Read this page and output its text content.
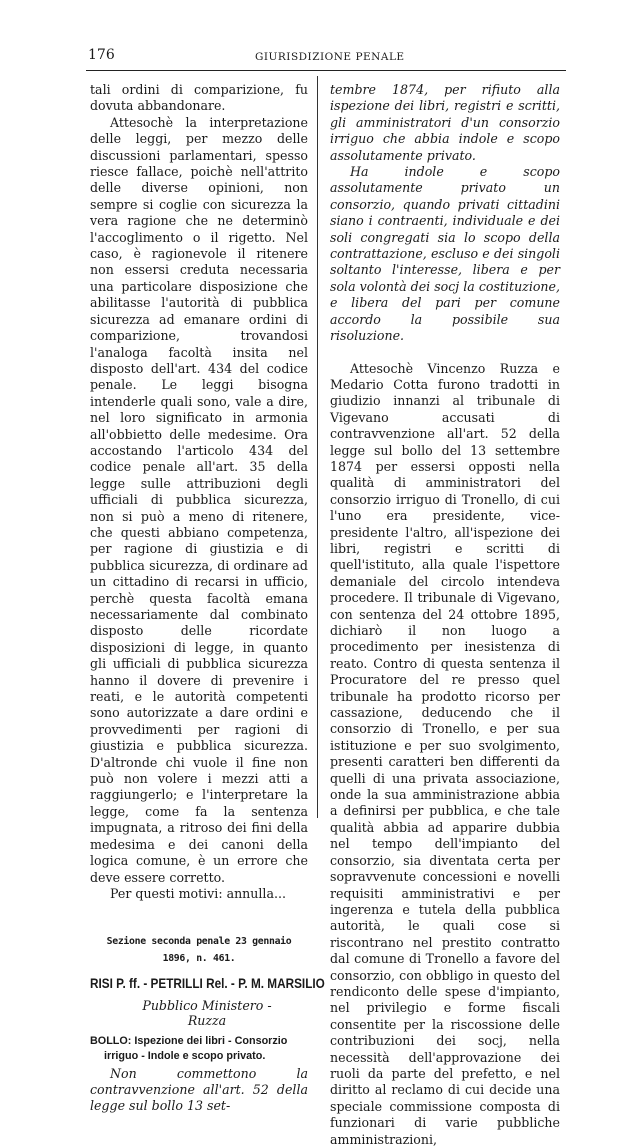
176	GIURISDIZIONE PENALE

tali ordini di comparizione, fu dovuta abbandonare.

Attesochè la interpretazione delle leggi, per mezzo delle discussioni parlamentari, spesso riesce fallace, poichè nell'attrito delle diverse opinioni, non sempre si coglie con sicurezza la vera ragione che ne determinò l'accoglimento o il rigetto. Nel caso, è ragionevole il ritenere non essersi creduta necessaria una particolare disposizione che abilitasse l'autorità di pubblica sicurezza ad emanare ordini di comparizione, trovandosi l'analoga facoltà insita nel disposto dell'art. 434 del codice penale. Le leggi bisogna intenderle quali sono, vale a dire, nel loro significato in armonia all'obbietto delle medesime. Ora accostando l'articolo 434 del codice penale all'art. 35 della legge sulle attribuzioni degli ufficiali di pubblica sicurezza, non si può a meno di ritenere, che questi abbiano competenza, per ragione di giustizia e di pubblica sicurezza, di ordinare ad un cittadino di recarsi in ufficio, perchè questa facoltà emana necessariamente dal combinato disposto delle ricordate disposizioni di legge, in quanto gli ufficiali di pubblica sicurezza hanno il dovere di prevenire i reati, e le autorità competenti sono autorizzate a dare ordini e provvedimenti per ragioni di giustizia e pubblica sicurezza. D'altronde chi vuole il fine non può non volere i mezzi atti a raggiungerlo; e l'interpretare la legge, come fa la sentenza impugnata, a ritroso dei fini della medesima e dei canoni della logica comune, è un errore che deve essere corretto.

Per questi motivi: annulla...

Sezione seconda penale 23 gennaio 1896, n. 461.

RISI P. ff. - PETRILLI Rel. - P. M. MARSILIO

Pubblico Ministero -
Ruzza

BOLLO: Ispezione dei libri - Consorzio irriguo - Indole e scopo privato.

Non commettono la contravvenzione all'art. 52 della legge sul bollo 13 set-

tembre 1874, per rifiuto alla ispezione dei libri, registri e scritti, gli amministratori d'un consorzio irriguo che abbia indole e scopo assolutamente privato.

Ha indole e scopo assolutamente privato un consorzio, quando privati cittadini siano i contraenti, individuale e dei soli congregati sia lo scopo della contrattazione, escluso e dei singoli soltanto l'interesse, libera e per sola volontà dei socj la costituzione, e libera del pari per comune accordo la possibile sua risoluzione.

Attesochè Vincenzo Ruzza e Medario Cotta furono tradotti in giudizio innanzi al tribunale di Vigevano accusati di contravvenzione all'art. 52 della legge sul bollo del 13 settembre 1874 per essersi opposti nella qualità di amministratori del consorzio irriguo di Tronello, di cui l'uno era presidente, vice-presidente l'altro, all'ispezione dei libri, registri e scritti di quell'istituto, alla quale l'ispettore demaniale del circolo intendeva procedere. Il tribunale di Vigevano, con sentenza del 24 ottobre 1895, dichiarò il non luogo a procedimento per inesistenza di reato. Contro di questa sentenza il Procuratore del re presso quel tribunale ha prodotto ricorso per cassazione, deducendo che il consorzio di Tronello, e per sua istituzione e per suo svolgimento, presenti caratteri ben differenti da quelli di una privata associazione, onde la sua amministrazione abbia a definirsi per pubblica, e che tale qualità abbia ad apparire dubbia nel tempo dell'impianto del consorzio, sia diventata certa per sopravvenute concessioni e novelli requisiti amministrativi e per ingerenza e tutela della pubblica autorità, le quali cose si riscontrano nel prestito contratto dal comune di Tronello a favore del consorzio, con obbligo in questo del rendiconto delle spese d'impianto, nel privilegio e forme fiscali consentite per la riscossione delle contribuzioni dei socj, nella necessità dell'approvazione dei ruoli da parte del prefetto, e nel diritto al reclamo di cui decide una speciale commissione composta di funzionari di varie pubbliche amministrazioni,
